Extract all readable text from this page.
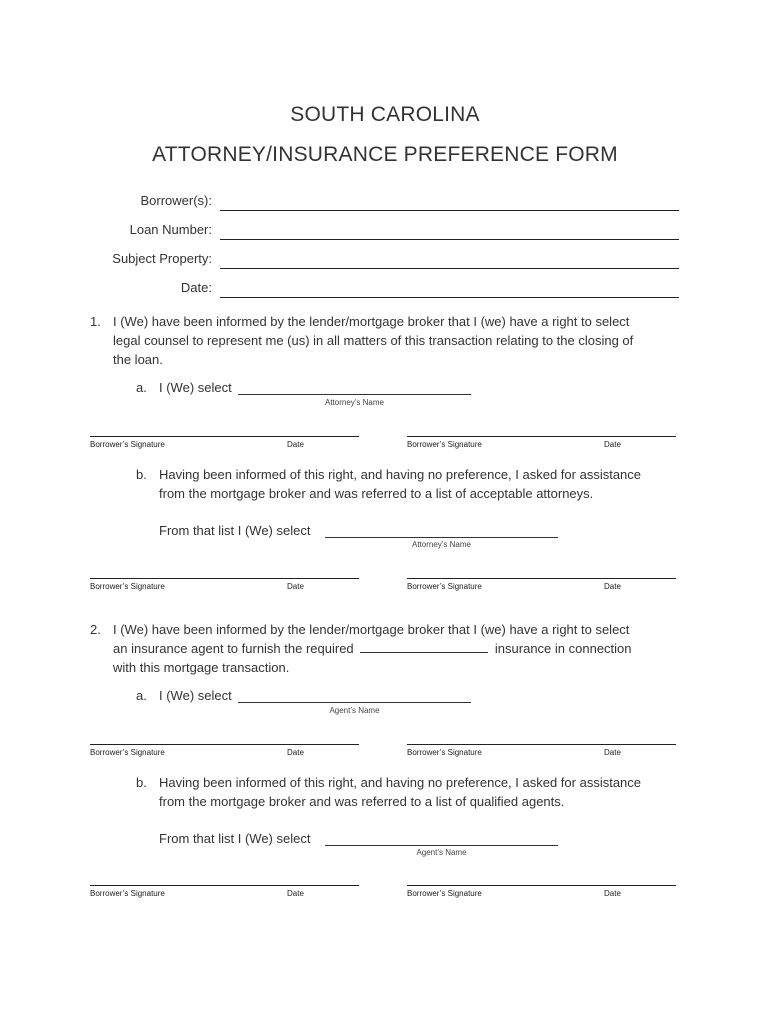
SOUTH CAROLINA
ATTORNEY/INSURANCE PREFERENCE FORM
Borrower(s):
Loan Number:
Subject Property:
Date:
1. I (We) have been informed by the lender/mortgage broker that I (we) have a right to select
legal counsel to represent me (us) in all matters of this transaction relating to the closing of
the loan.
a. I (We) select
Attorney’s Name
Borrower’s Signature	Date	Borrower’s Signature	Date
b. Having been informed of this right, and having no preference, I asked for assistance
from the mortgage broker and was referred to a list of acceptable attorneys.
From that list I (We) select
Attorney’s Name
Borrower’s Signature	Date	Borrower’s Signature	Date
2. I (We) have been informed by the lender/mortgage broker that I (we) have a right to select
an insurance agent to furnish the required	insurance in connection
with this mortgage transaction.
a. I (We) select
Agent’s Name
Borrower’s Signature	Date	Borrower’s Signature	Date
b. Having been informed of this right, and having no preference, I asked for assistance
from the mortgage broker and was referred to a list of qualified agents.
From that list I (We) select
Agent’s Name
Borrower’s Signature	Date	Borrower’s Signature	Date
